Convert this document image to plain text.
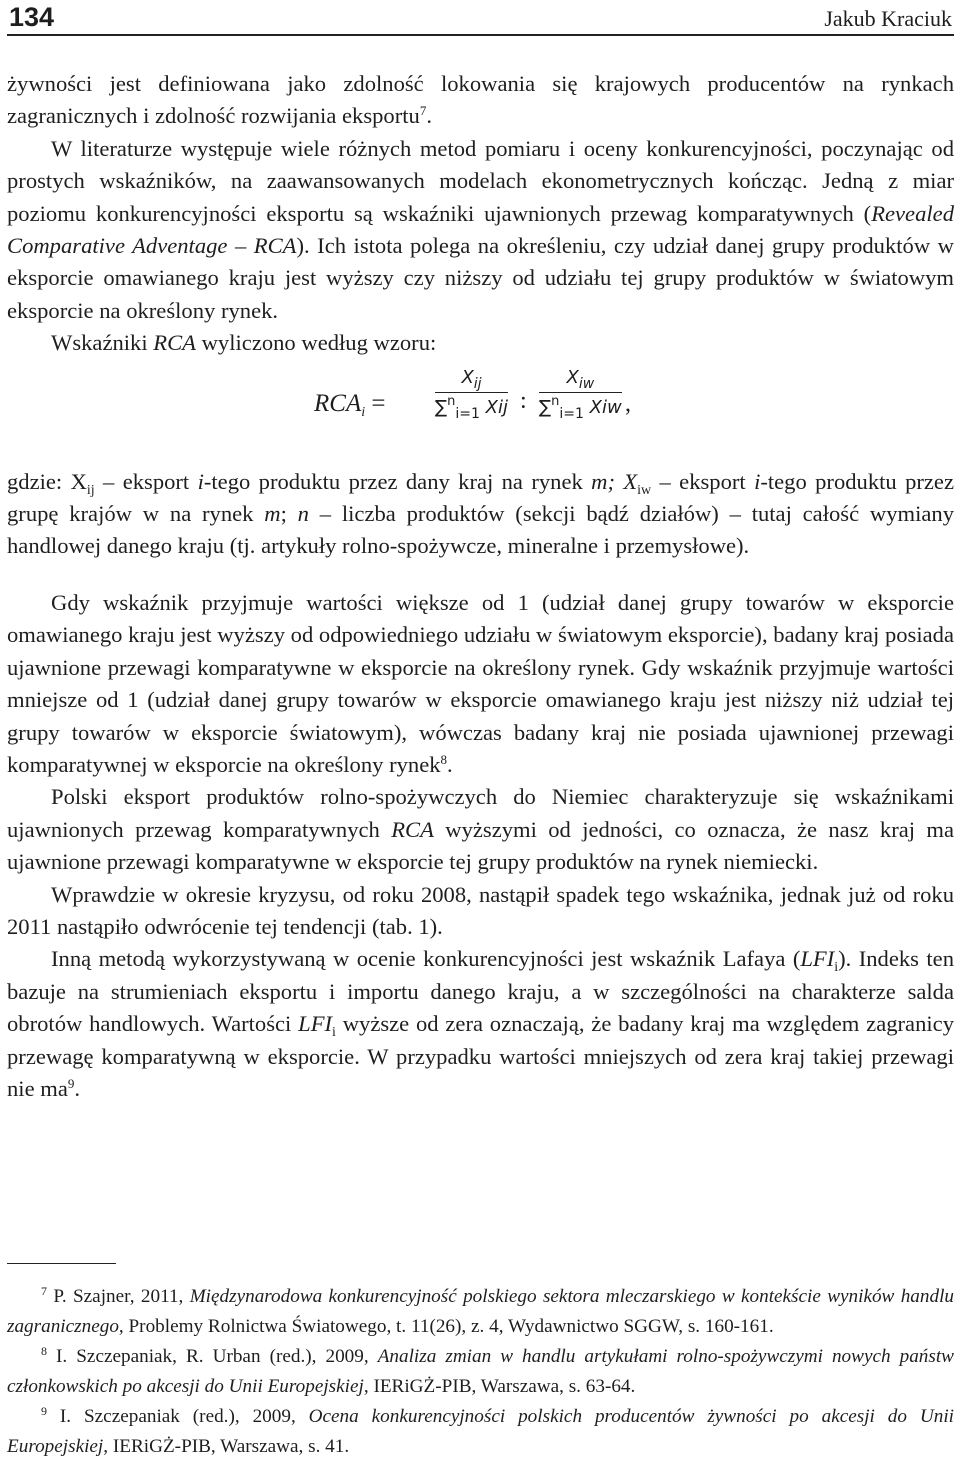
134	Jakub Kraciuk

żywności jest definiowana jako zdolność lokowania się krajowych producentów na rynkach zagranicznych i zdolność rozwijania eksportu$^7$.

W literaturze występuje wiele różnych metod pomiaru i oceny konkurencyjności, poczynając od prostych wskaźników, na zaawansowanych modelach ekonometrycznych kończąc. Jedną z miar poziomu konkurencyjności eksportu są wskaźniki ujawnionych przewag komparatywnych (Revealed Comparative Adventage – RCA). Ich istota polega na określeniu, czy udział danej grupy produktów w eksporcie omawianego kraju jest wyższy czy niższy od udziału tej grupy produktów w światowym eksporcie na określony rynek.

Wskaźniki RCA wyliczono według wzoru:

$RCA_i$ =
$X_{ij}$
∑$^n_{i=1}$ Xij :
$X_{iw}$
∑$^n_{i=1}$ Xiw ,

gdzie: $X_{ij}$ – eksport i-tego produktu przez dany kraj na rynek m; $X_{iw}$ – eksport i-tego produktu przez grupę krajów w na rynek m; n – liczba produktów (sekcji bądź działów) – tutaj całość wymiany handlowej danego kraju (tj. artykuły rolno-spożywcze, mineralne i przemysłowe).

Gdy wskaźnik przyjmuje wartości większe od 1 (udział danej grupy towarów w eksporcie omawianego kraju jest wyższy od odpowiedniego udziału w światowym eksporcie), badany kraj posiada ujawnione przewagi komparatywne w eksporcie na określony rynek. Gdy wskaźnik przyjmuje wartości mniejsze od 1 (udział danej grupy towarów w eksporcie omawianego kraju jest niższy niż udział tej grupy towarów w eksporcie światowym), wówczas badany kraj nie posiada ujawnionej przewagi komparatywnej w eksporcie na określony rynek$^8$.

Polski eksport produktów rolno-spożywczych do Niemiec charakteryzuje się wskaźnikami ujawnionych przewag komparatywnych RCA wyższymi od jedności, co oznacza, że nasz kraj ma ujawnione przewagi komparatywne w eksporcie tej grupy produktów na rynek niemiecki.

Wprawdzie w okresie kryzysu, od roku 2008, nastąpił spadek tego wskaźnika, jednak już od roku 2011 nastąpiło odwrócenie tej tendencji (tab. 1).

Inną metodą wykorzystywaną w ocenie konkurencyjności jest wskaźnik Lafaya $(LFI_i)$. Indeks ten bazuje na strumieniach eksportu i importu danego kraju, a w szczególności na charakterze salda obrotów handlowych. Wartości $LFI_i$ wyższe od zera oznaczają, że badany kraj ma względem zagranicy przewagę komparatywną w eksporcie. W przypadku wartości mniejszych od zera kraj takiej przewagi nie $ma^9$.

$^7$ P. Szajner, 2011, Międzynarodowa konkurencyjność polskiego sektora mleczarskiego w kontekście wyników handlu zagranicznego, Problemy Rolnictwa Światowego, t. 11(26), z. 4, Wydawnictwo SGGW, s. 160-161.

$^8$ I. Szczepaniak, R. Urban (red.), 2009, Analiza zmian w handlu artykułami rolno-spożywczymi nowych państw członkowskich po akcesji do Unii Europejskiej, IERiGŻ-PIB, Warszawa, s. 63-64.

$^9$ I. Szczepaniak (red.), 2009, Ocena konkurencyjności polskich producentów żywności po akcesji do Unii Europejskiej, IERiGŻ-PIB, Warszawa, s. 41.
